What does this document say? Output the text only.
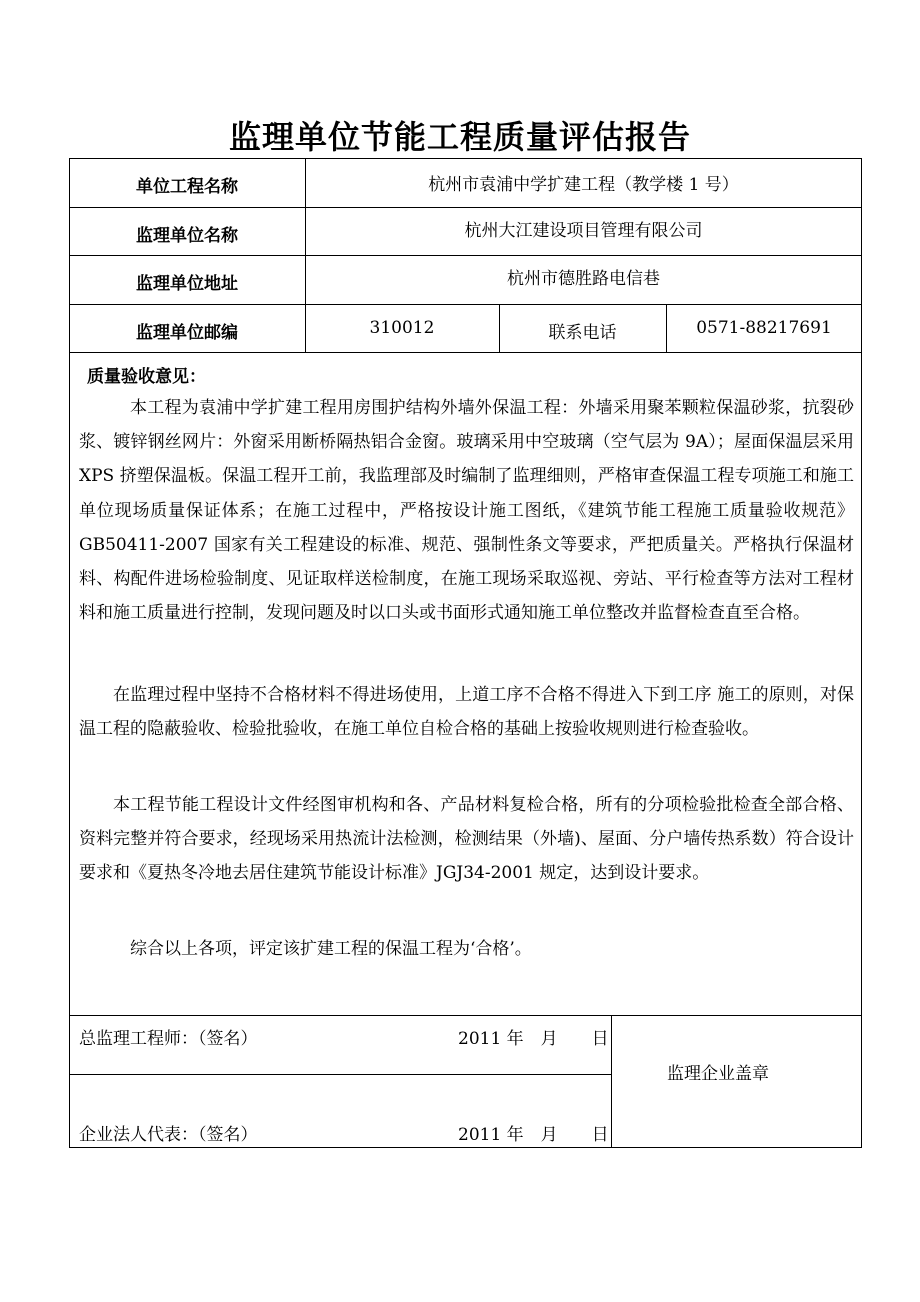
监理单位节能工程质量评估报告
单位工程名称	杭州市袁浦中学扩建工程（教学楼 1 号）
监理单位名称	杭州大江建设项目管理有限公司
监理单位地址	杭州市德胜路电信巷
监理单位邮编	310012	联系电话	0571-88217691
质量验收意见：
本工程为袁浦中学扩建工程用房围护结构外墙外保温工程：外墙采用聚苯颗粒保温砂浆，抗裂砂浆、镀锌钢丝网片：外窗采用断桥隔热铝合金窗。玻璃采用中空玻璃（空气层为 9A）；屋面保温层采用 XPS 挤塑保温板。保温工程开工前，我监理部及时编制了监理细则，严格审查保温工程专项施工和施工单位现场质量保证体系；在施工过程中，严格按设计施工图纸，《建筑节能工程施工质量验收规范》GB50411-2007 国家有关工程建设的标准、规范、强制性条文等要求，严把质量关。严格执行保温材料、构配件进场检验制度、见证取样送检制度，在施工现场采取巡视、旁站、平行检查等方法对工程材料和施工质量进行控制，发现问题及时以口头或书面形式通知施工单位整改并监督检查直至合格。
在监理过程中坚持不合格材料不得进场使用，上道工序不合格不得进入下到工序 施工的原则，对保温工程的隐蔽验收、检验批验收，在施工单位自检合格的基础上按验收规则进行检查验收。
本工程节能工程设计文件经图审机构和各、产品材料复检合格，所有的分项检验批检查全部合格、资料完整并符合要求，经现场采用热流计法检测，检测结果（外墙)、屋面、分户墙传热系数）符合设计要求和《夏热冬冷地去居住建筑节能设计标准》JGJ34-2001 规定，达到设计要求。
综合以上各项，评定该扩建工程的保温工程为‘合格’。
总监理工程师：（签名）	2011 年　月　　日
企业法人代表：（签名）	2011 年　月　　日
监理企业盖章
